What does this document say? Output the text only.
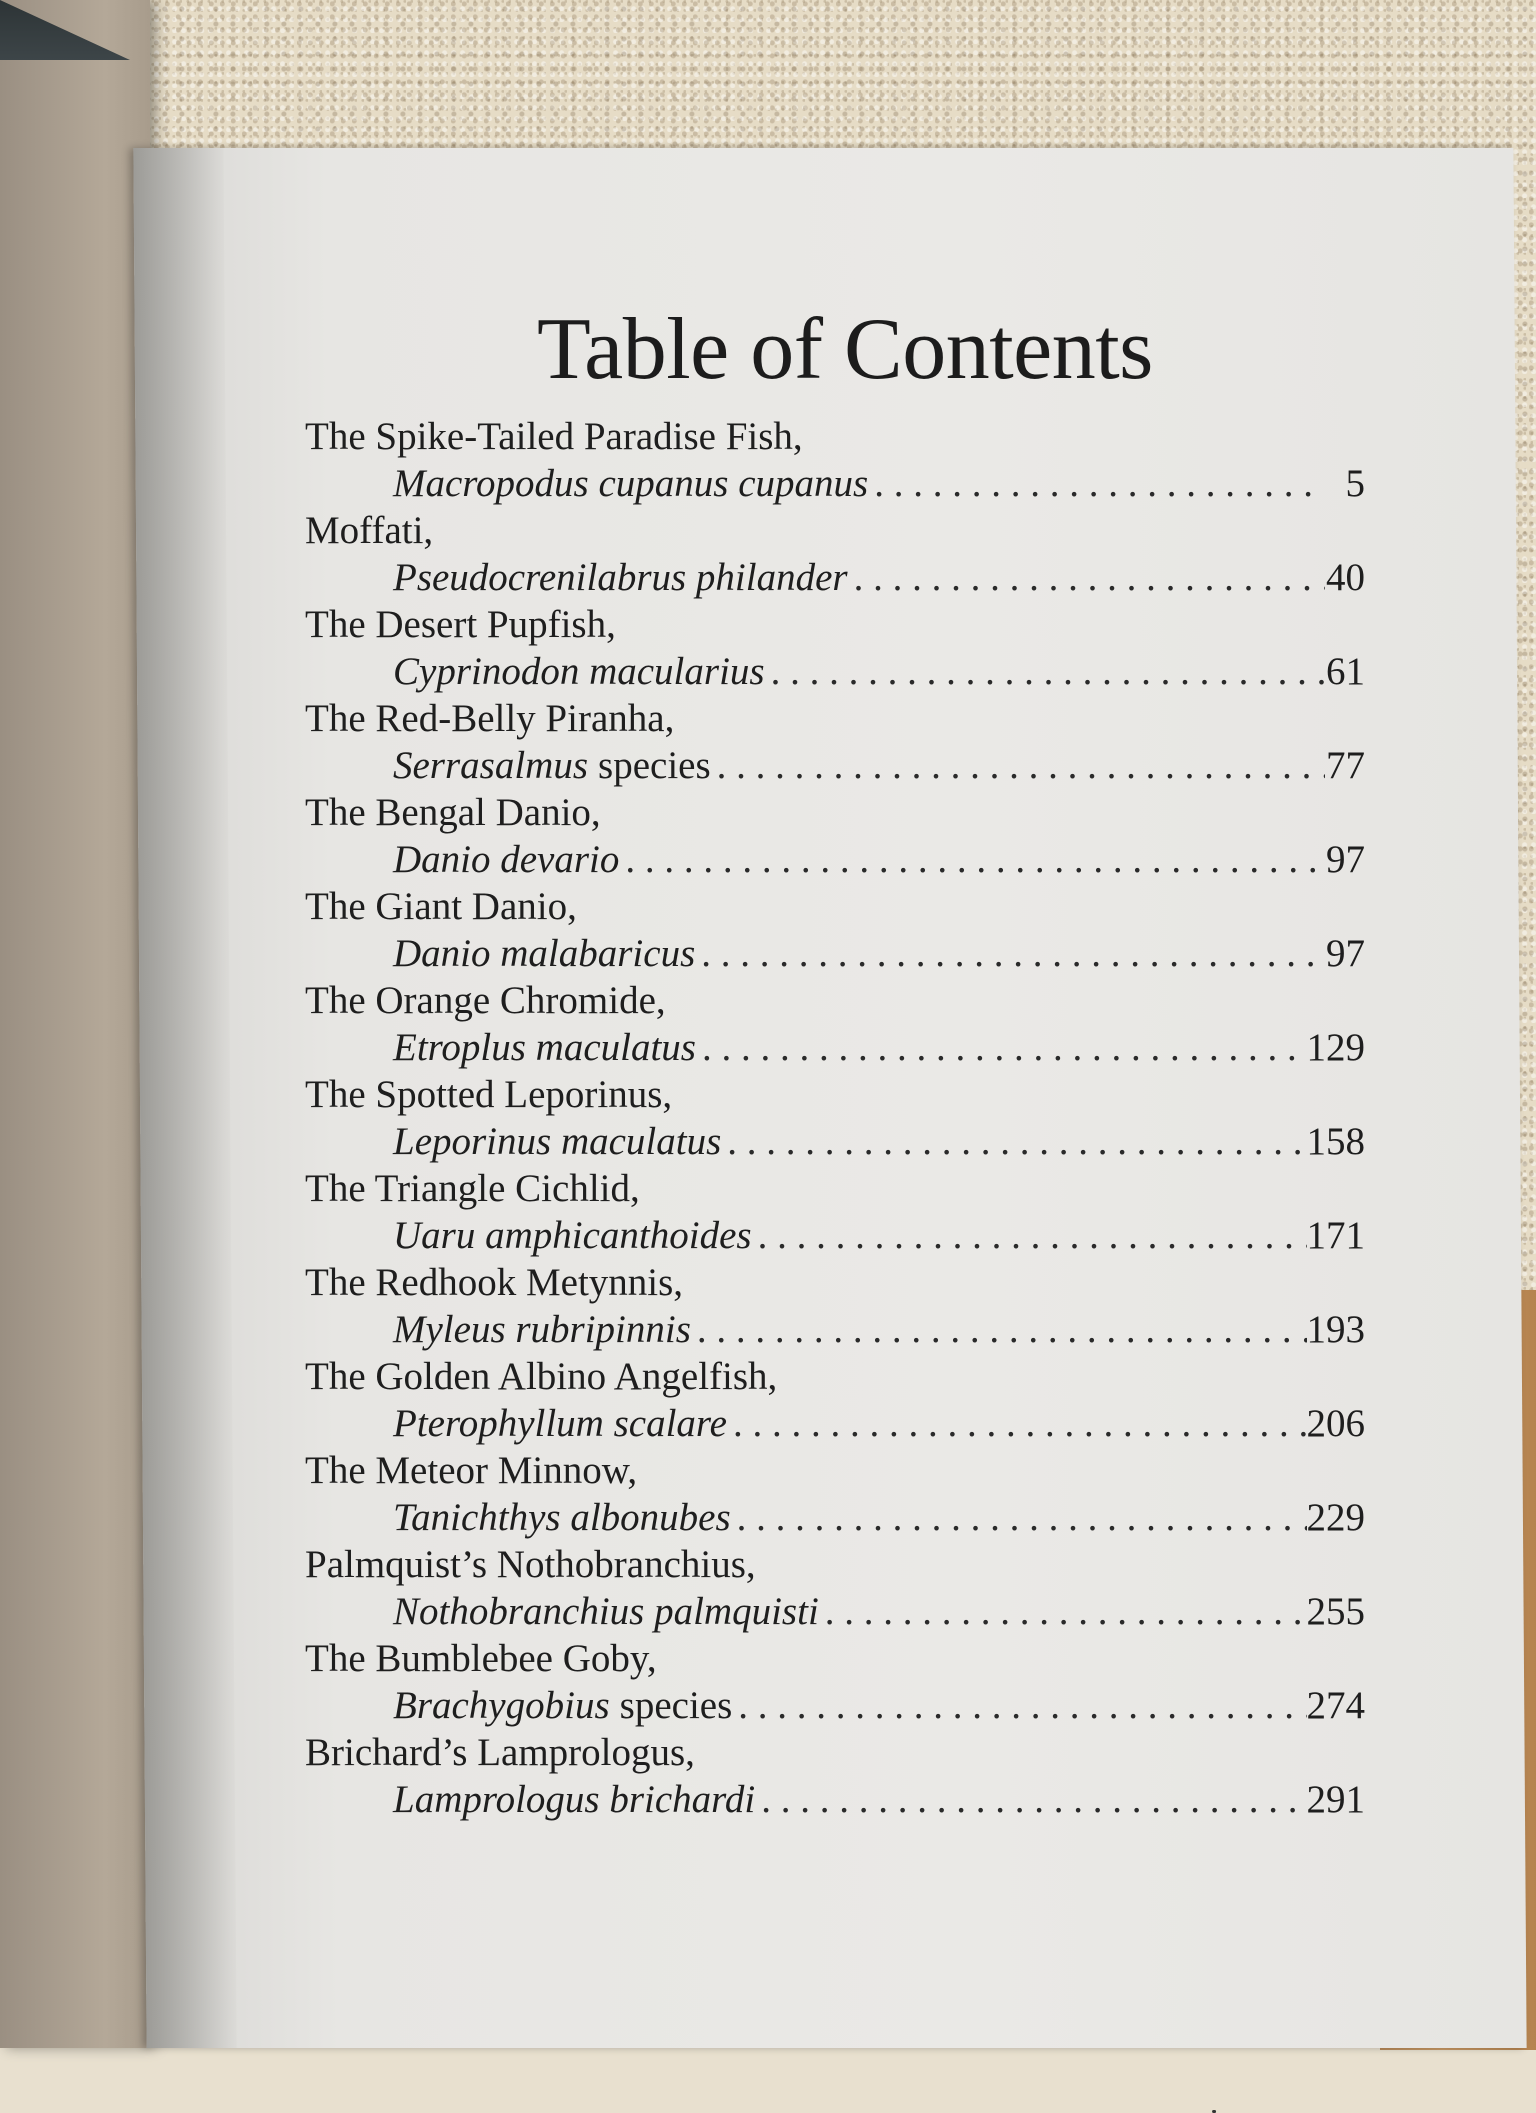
Table of Contents
The Spike-Tailed Paradise Fish,
Macropodus cupanus cupanus . . .	5
Moffati,
Pseudocrenilabrus philander . . .	40
The Desert Pupfish,
Cyprinodon macularius . . .	61
The Red-Belly Piranha,
Serrasalmus species . . .	77
The Bengal Danio,
Danio devario . . .	97
The Giant Danio,
Danio malabaricus . . .	97
The Orange Chromide,
Etroplus maculatus . . .	129
The Spotted Leporinus,
Leporinus maculatus . . .	158
The Triangle Cichlid,
Uaru amphicanthoides . . .	171
The Redhook Metynnis,
Myleus rubripinnis . . .	193
The Golden Albino Angelfish,
Pterophyllum scalare . . .	206
The Meteor Minnow,
Tanichthys albonubes . . .	229
Palmquist’s Nothobranchius,
Nothobranchius palmquisti . . .	255
The Bumblebee Goby,
Brachygobius species . . .	274
Brichard’s Lamprologus,
Lamprologus brichardi . . .	291
